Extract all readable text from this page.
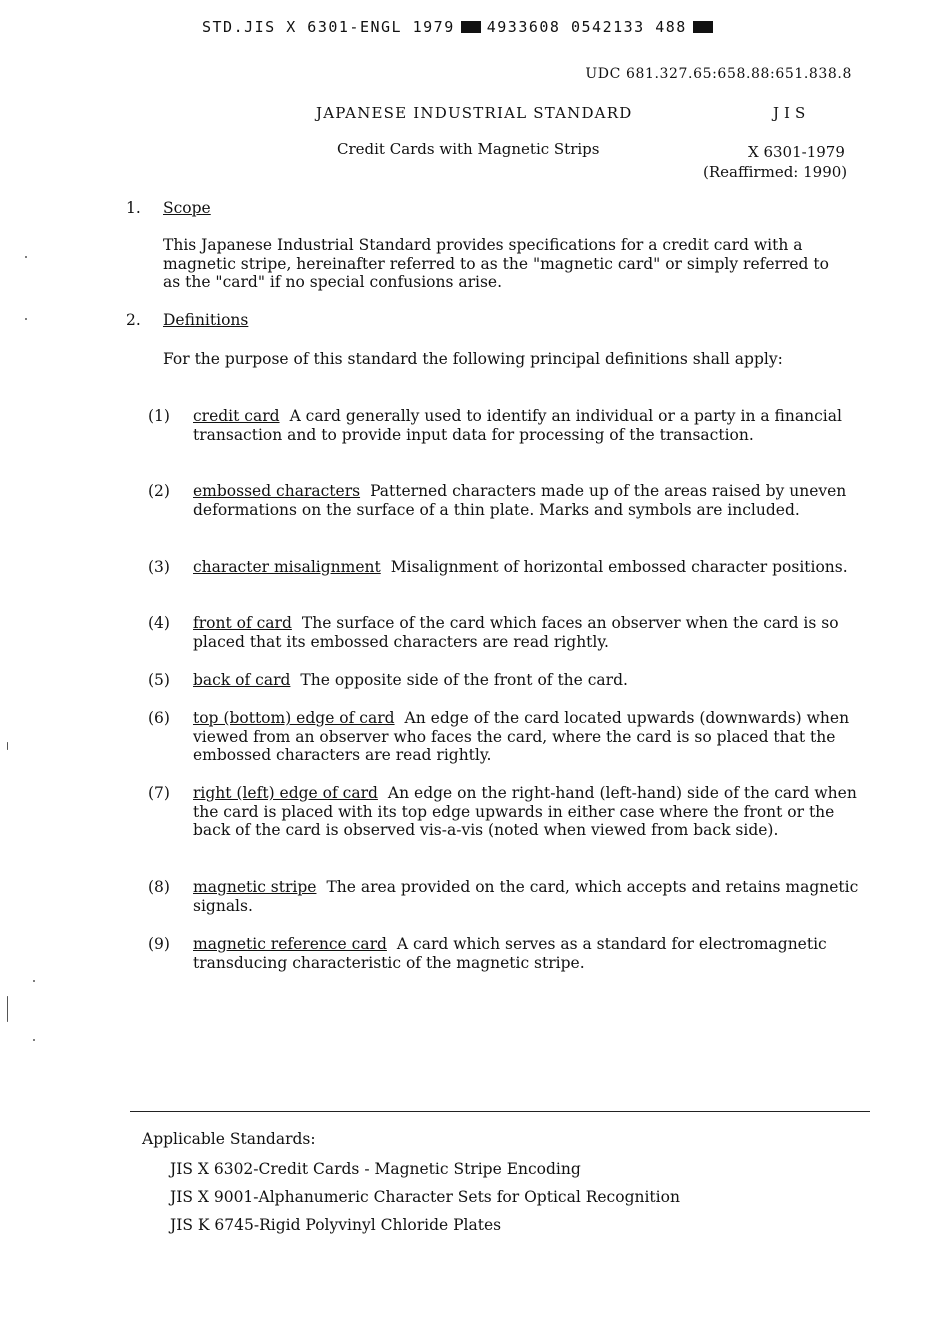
STD.JIS X 6301-ENGL 1979 4933608 0542133 488
UDC 681.327.65:658.88:651.838.8
JAPANESE INDUSTRIAL STANDARD	JIS
Credit Cards with Magnetic Strips	X 6301-1979
(Reaffirmed: 1990)
1. Scope
This Japanese Industrial Standard provides specifications for a credit card with a magnetic stripe, hereinafter referred to as the "magnetic card" or simply referred to as the "card" if no special confusions arise.
2. Definitions
For the purpose of this standard the following principal definitions shall apply:
(1)	credit card A card generally used to identify an individual or a party in a financial transaction and to provide input data for processing of the transaction.
(2)	embossed characters Patterned characters made up of the areas raised by uneven deformations on the surface of a thin plate. Marks and symbols are included.
(3)	character misalignment Misalignment of horizontal embossed character positions.
(4)	front of card The surface of the card which faces an observer when the card is so placed that its embossed characters are read rightly.
(5)	back of card The opposite side of the front of the card.
(6)	top (bottom) edge of card An edge of the card located upwards (downwards) when viewed from an observer who faces the card, where the card is so placed that the embossed characters are read rightly.
(7)	right (left) edge of card An edge on the right-hand (left-hand) side of the card when the card is placed with its top edge upwards in either case where the front or the back of the card is observed vis-a-vis (noted when viewed from back side).
(8)	magnetic stripe The area provided on the card, which accepts and retains magnetic signals.
(9)	magnetic reference card A card which serves as a standard for electromagnetic transducing characteristic of the magnetic stripe.
Applicable Standards:
JIS X 6302-Credit Cards - Magnetic Stripe Encoding
JIS X 9001-Alphanumeric Character Sets for Optical Recognition
JIS K 6745-Rigid Polyvinyl Chloride Plates
